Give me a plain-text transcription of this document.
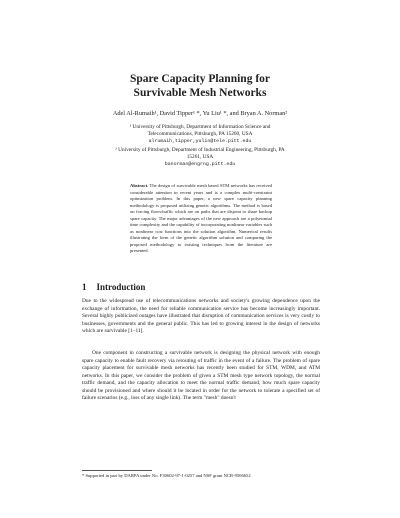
Spare Capacity Planning for
Survivable Mesh Networks
Adel Al-Rumaih¹, David Tipper¹ *, Yu Liu¹ *, and Bryan A. Norman²
¹ University of Pittsburgh, Department of Information Science and
Telecommunications, Pittsburgh, PA 15260, USA
alrumaih,tipper,yulin@tele.pitt.edu
² University of Pittsburgh, Department of Industrial Engineering, Pittsburgh, PA
15261, USA
banorman@engrng.pitt.edu
Abstract. The design of survivable mesh based STM networks has received considerable attention in recent years and is a complex multi-constraint optimization problem. In this paper, a new spare capacity planning methodology is proposed utilizing genetic algorithms. The method is based on forcing flows/traffic which are on paths that are disjoint to share backup spare capacity. The major advantages of the new approach are a polynomial time complexity and the capability of incorporating nonlinear variables such as nonlinear cost functions into the solution algorithm. Numerical results illustrating the form of the genetic algorithm solution and comparing the proposed methodology to existing techniques from the literature are presented.
1 Introduction
Due to the widespread use of telecommunications networks and society's growing dependence upon the exchange of information, the need for reliable communication service has become increasingly important. Several highly publicized outages have illustrated that disruption of communication services is very costly to businesses, governments and the general public. This has led to growing interest in the design of networks which are survivable [1–11].
One component in constructing a survivable network is designing the physical network with enough spare capacity to enable fault recovery via rerouting of traffic in the event of a failure. The problem of spare capacity placement for survivable mesh networks has recently been studied for STM, WDM, and ATM networks. In this paper, we consider the problem of given a STM mesh type network topology, the normal traffic demand, and the capacity allocation to meet the normal traffic demand, how much spare capacity should be provisioned and where should it be located in order for the network to tolerate a specified set of failure scenarios (e.g., loss of any single link). The term "mesh" doesn't
* Supported in part by DARPA under No. F30602-97-1-0257 and NSF grant NCR-9506652
